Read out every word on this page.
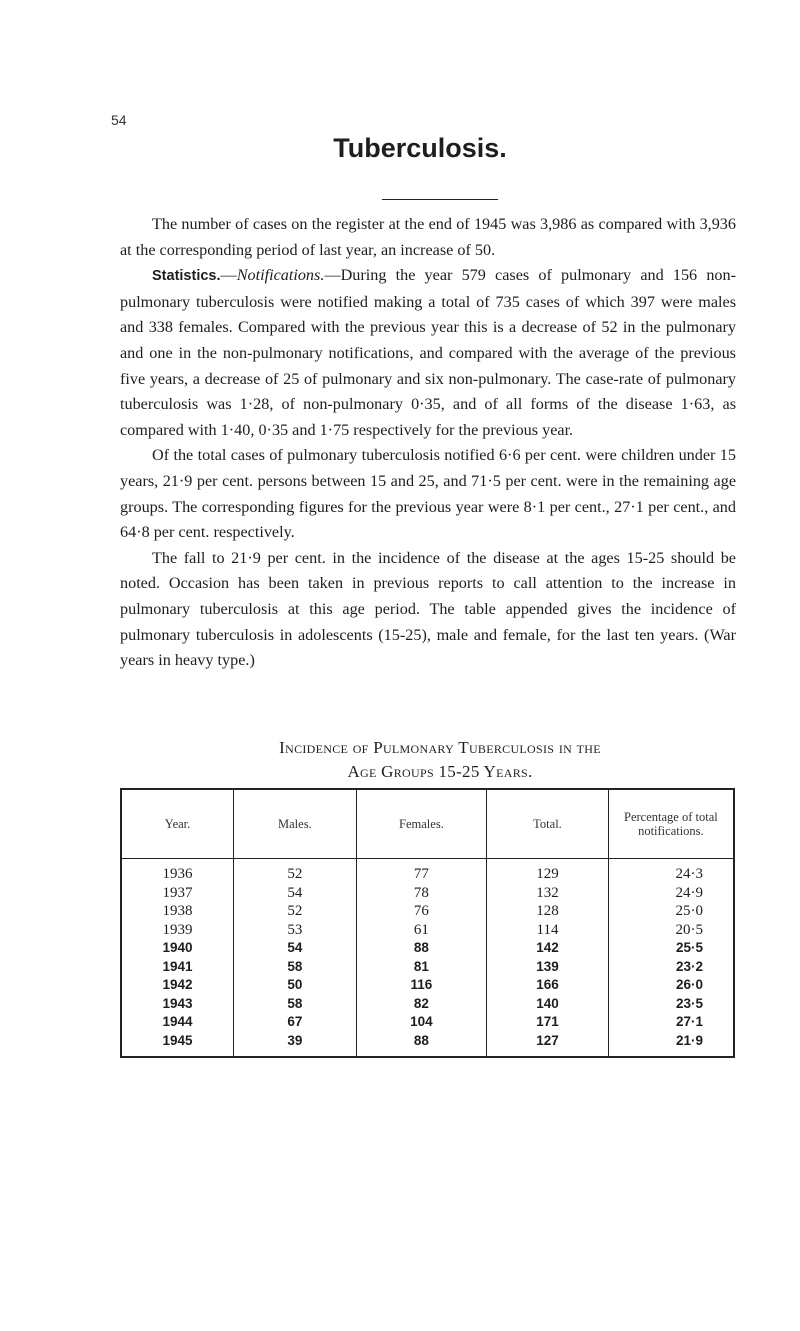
54
Tuberculosis.

The number of cases on the register at the end of 1945 was 3,986 as compared with 3,936 at the corresponding period of last year, an increase of 50.

Statistics.—Notifications.—During the year 579 cases of pulmonary and 156 non-pulmonary tuberculosis were notified making a total of 735 cases of which 397 were males and 338 females. Compared with the previous year this is a decrease of 52 in the pulmonary and one in the non-pulmonary notifications, and compared with the average of the previous five years, a decrease of 25 of pulmonary and six non-pulmonary. The case-rate of pulmonary tuberculosis was 1·28, of non-pulmonary 0·35, and of all forms of the disease 1·63, as compared with 1·40, 0·35 and 1·75 respectively for the previous year.

Of the total cases of pulmonary tuberculosis notified 6·6 per cent. were children under 15 years, 21·9 per cent. persons between 15 and 25, and 71·5 per cent. were in the remaining age groups. The corresponding figures for the previous year were 8·1 per cent., 27·1 per cent., and 64·8 per cent. respectively.

The fall to 21·9 per cent. in the incidence of the disease at the ages 15-25 should be noted. Occasion has been taken in previous reports to call attention to the increase in pulmonary tuberculosis at this age period. The table appended gives the incidence of pulmonary tuberculosis in adolescents (15-25), male and female, for the last ten years. (War years in heavy type.)

Incidence of Pulmonary Tuberculosis in the
Age Groups 15-25 Years.
Year.	Males.	Females.	Total.	Percentage of total notifications.
1936	52	77	129	24·3
1937	54	78	132	24·9
1938	52	76	128	25·0
1939	53	61	114	20·5
1940	54	88	142	25·5
1941	58	81	139	23·2
1942	50	116	166	26·0
1943	58	82	140	23·5
1944	67	104	171	27·1
1945	39	88	127	21·9
